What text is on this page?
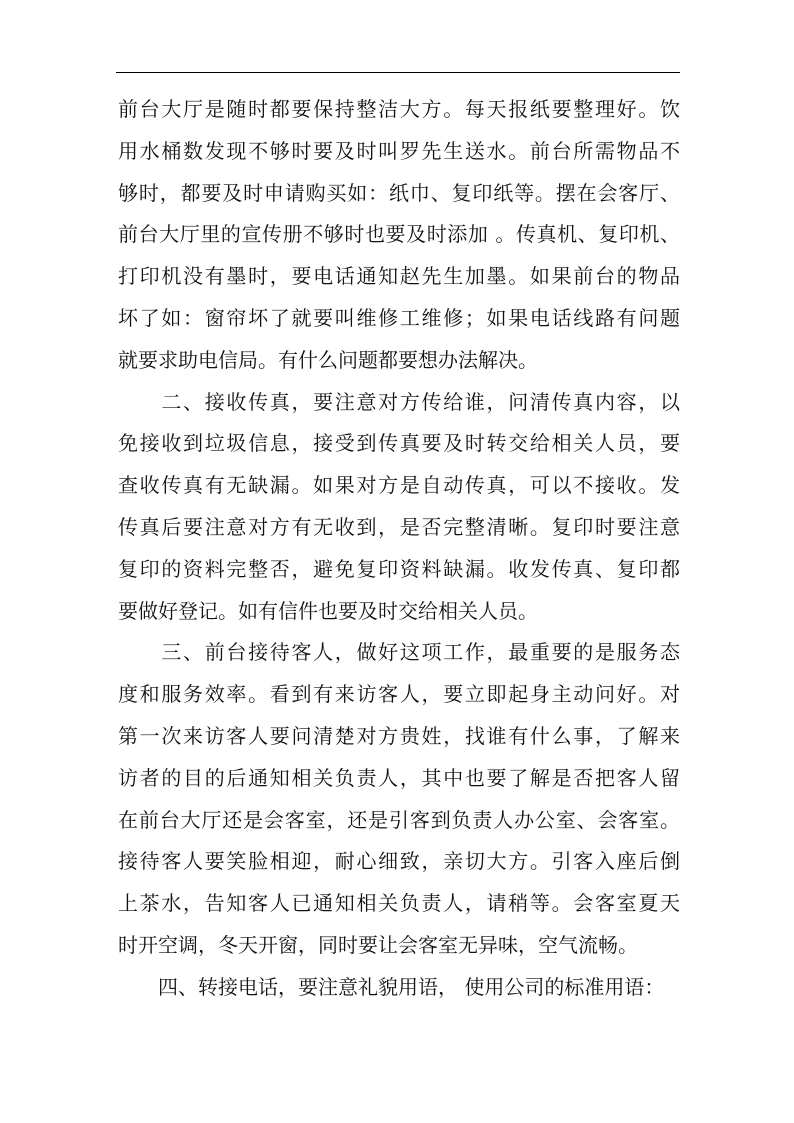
前台大厅是随时都要保持整洁大方。每天报纸要整理好。饮
用水桶数发现不够时要及时叫罗先生送水。前台所需物品不
够时，都要及时申请购买如：纸巾、复印纸等。摆在会客厅、
前台大厅里的宣传册不够时也要及时添加 。传真机、复印机、
打印机没有墨时，要电话通知赵先生加墨。如果前台的物品
坏了如：窗帘坏了就要叫维修工维修；如果电话线路有问题
就要求助电信局。有什么问题都要想办法解决。
　　二、接收传真，要注意对方传给谁，问清传真内容，以
免接收到垃圾信息，接受到传真要及时转交给相关人员，要
查收传真有无缺漏。如果对方是自动传真，可以不接收。发
传真后要注意对方有无收到，是否完整清晰。复印时要注意
复印的资料完整否，避免复印资料缺漏。收发传真、复印都
要做好登记。如有信件也要及时交给相关人员。
　　三、前台接待客人，做好这项工作，最重要的是服务态
度和服务效率。看到有来访客人，要立即起身主动问好。对
第一次来访客人要问清楚对方贵姓，找谁有什么事，了解来
访者的目的后通知相关负责人，其中也要了解是否把客人留
在前台大厅还是会客室，还是引客到负责人办公室、会客室。
接待客人要笑脸相迎，耐心细致，亲切大方。引客入座后倒
上茶水，告知客人已通知相关负责人，请稍等。会客室夏天
时开空调，冬天开窗，同时要让会客室无异味，空气流畅。
　　四、转接电话，要注意礼貌用语， 使用公司的标准用语：
